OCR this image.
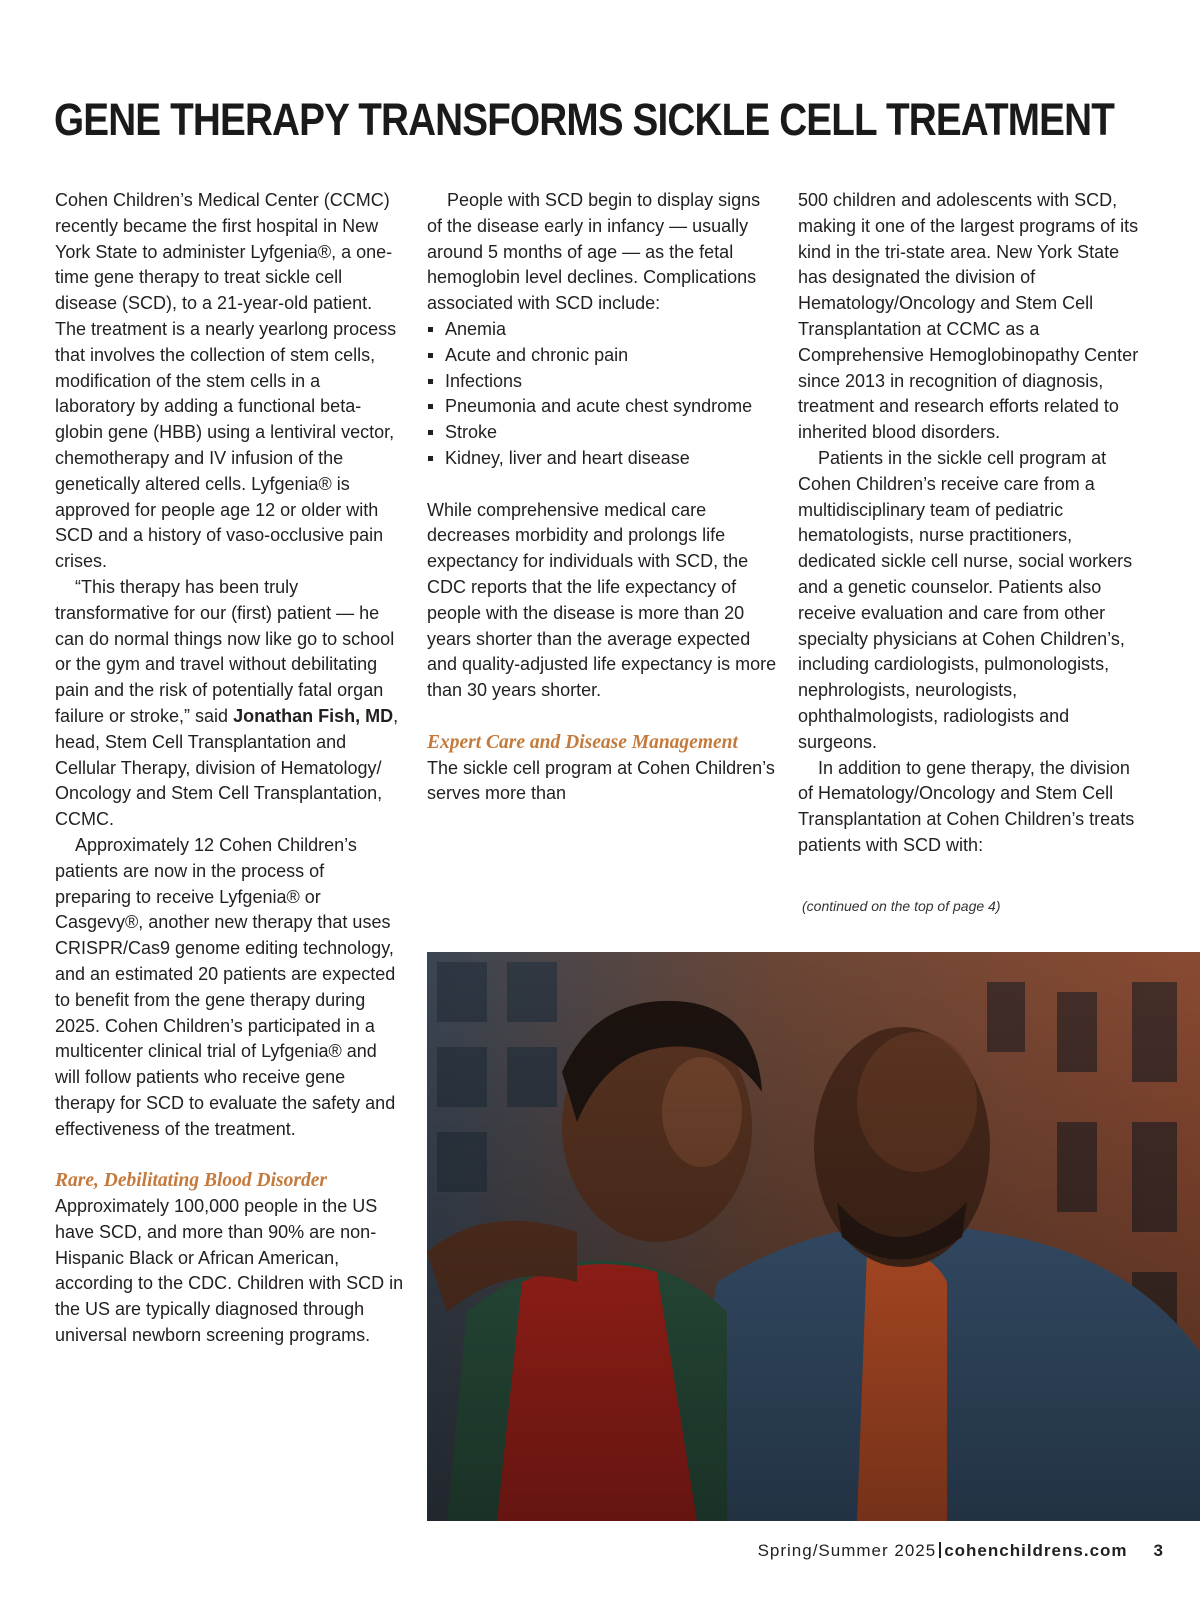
GENE THERAPY TRANSFORMS SICKLE CELL TREATMENT

Cohen Children’s Medical Center (CCMC) recently became the first hospital in New York State to administer Lyfgenia®, a one-time gene therapy to treat sickle cell disease (SCD), to a 21-year-old patient. The treatment is a nearly yearlong process that involves the collection of stem cells, modification of the stem cells in a laboratory by adding a functional beta-globin gene (HBB) using a lentiviral vector, chemotherapy and IV infusion of the genetically altered cells. Lyfgenia® is approved for people age 12 or older with SCD and a history of vaso-occlusive pain crises.

“This therapy has been truly transformative for our (first) patient — he can do normal things now like go to school or the gym and travel without debilitating pain and the risk of potentially fatal organ failure or stroke,” said Jonathan Fish, MD, head, Stem Cell Transplantation and Cellular Therapy, division of Hematology/ Oncology and Stem Cell Transplantation, CCMC.

Approximately 12 Cohen Children’s patients are now in the process of preparing to receive Lyfgenia® or Casgevy®, another new therapy that uses CRISPR/Cas9 genome editing technology, and an estimated 20 patients are expected to benefit from the gene therapy during 2025. Cohen Children’s participated in a multicenter clinical trial of Lyfgenia® and will follow patients who receive gene therapy for SCD to evaluate the safety and effectiveness of the treatment.

Rare, Debilitating Blood Disorder

Approximately 100,000 people in the US have SCD, and more than 90% are non-Hispanic Black or African American, according to the CDC. Children with SCD in the US are typically diagnosed through universal newborn screening programs.

People with SCD begin to display signs of the disease early in infancy — usually around 5 months of age — as the fetal hemoglobin level declines. Complications associated with SCD include:

Anemia
Acute and chronic pain
Infections
Pneumonia and acute chest syndrome
Stroke
Kidney, liver and heart disease

While comprehensive medical care decreases morbidity and prolongs life expectancy for individuals with SCD, the CDC reports that the life expectancy of people with the disease is more than 20 years shorter than the average expected and quality-adjusted life expectancy is more than 30 years shorter.

Expert Care and Disease Management

The sickle cell program at Cohen Children’s serves more than

500 children and adolescents with SCD, making it one of the largest programs of its kind in the tri-state area. New York State has designated the division of Hematology/Oncology and Stem Cell Transplantation at CCMC as a Comprehensive Hemoglobinopathy Center since 2013 in recognition of diagnosis, treatment and research efforts related to inherited blood disorders.

Patients in the sickle cell program at Cohen Children’s receive care from a multidisciplinary team of pediatric hematologists, nurse practitioners, dedicated sickle cell nurse, social workers and a genetic counselor. Patients also receive evaluation and care from other specialty physicians at Cohen Children’s, including cardiologists, pulmonologists, nephrologists, neurologists, ophthalmologists, radiologists and surgeons.

In addition to gene therapy, the division of Hematology/Oncology and Stem Cell Transplantation at Cohen Children’s treats patients with SCD with:

(continued on the top of page 4)
Spring/Summer 2025 cohenchildrens.com 3
